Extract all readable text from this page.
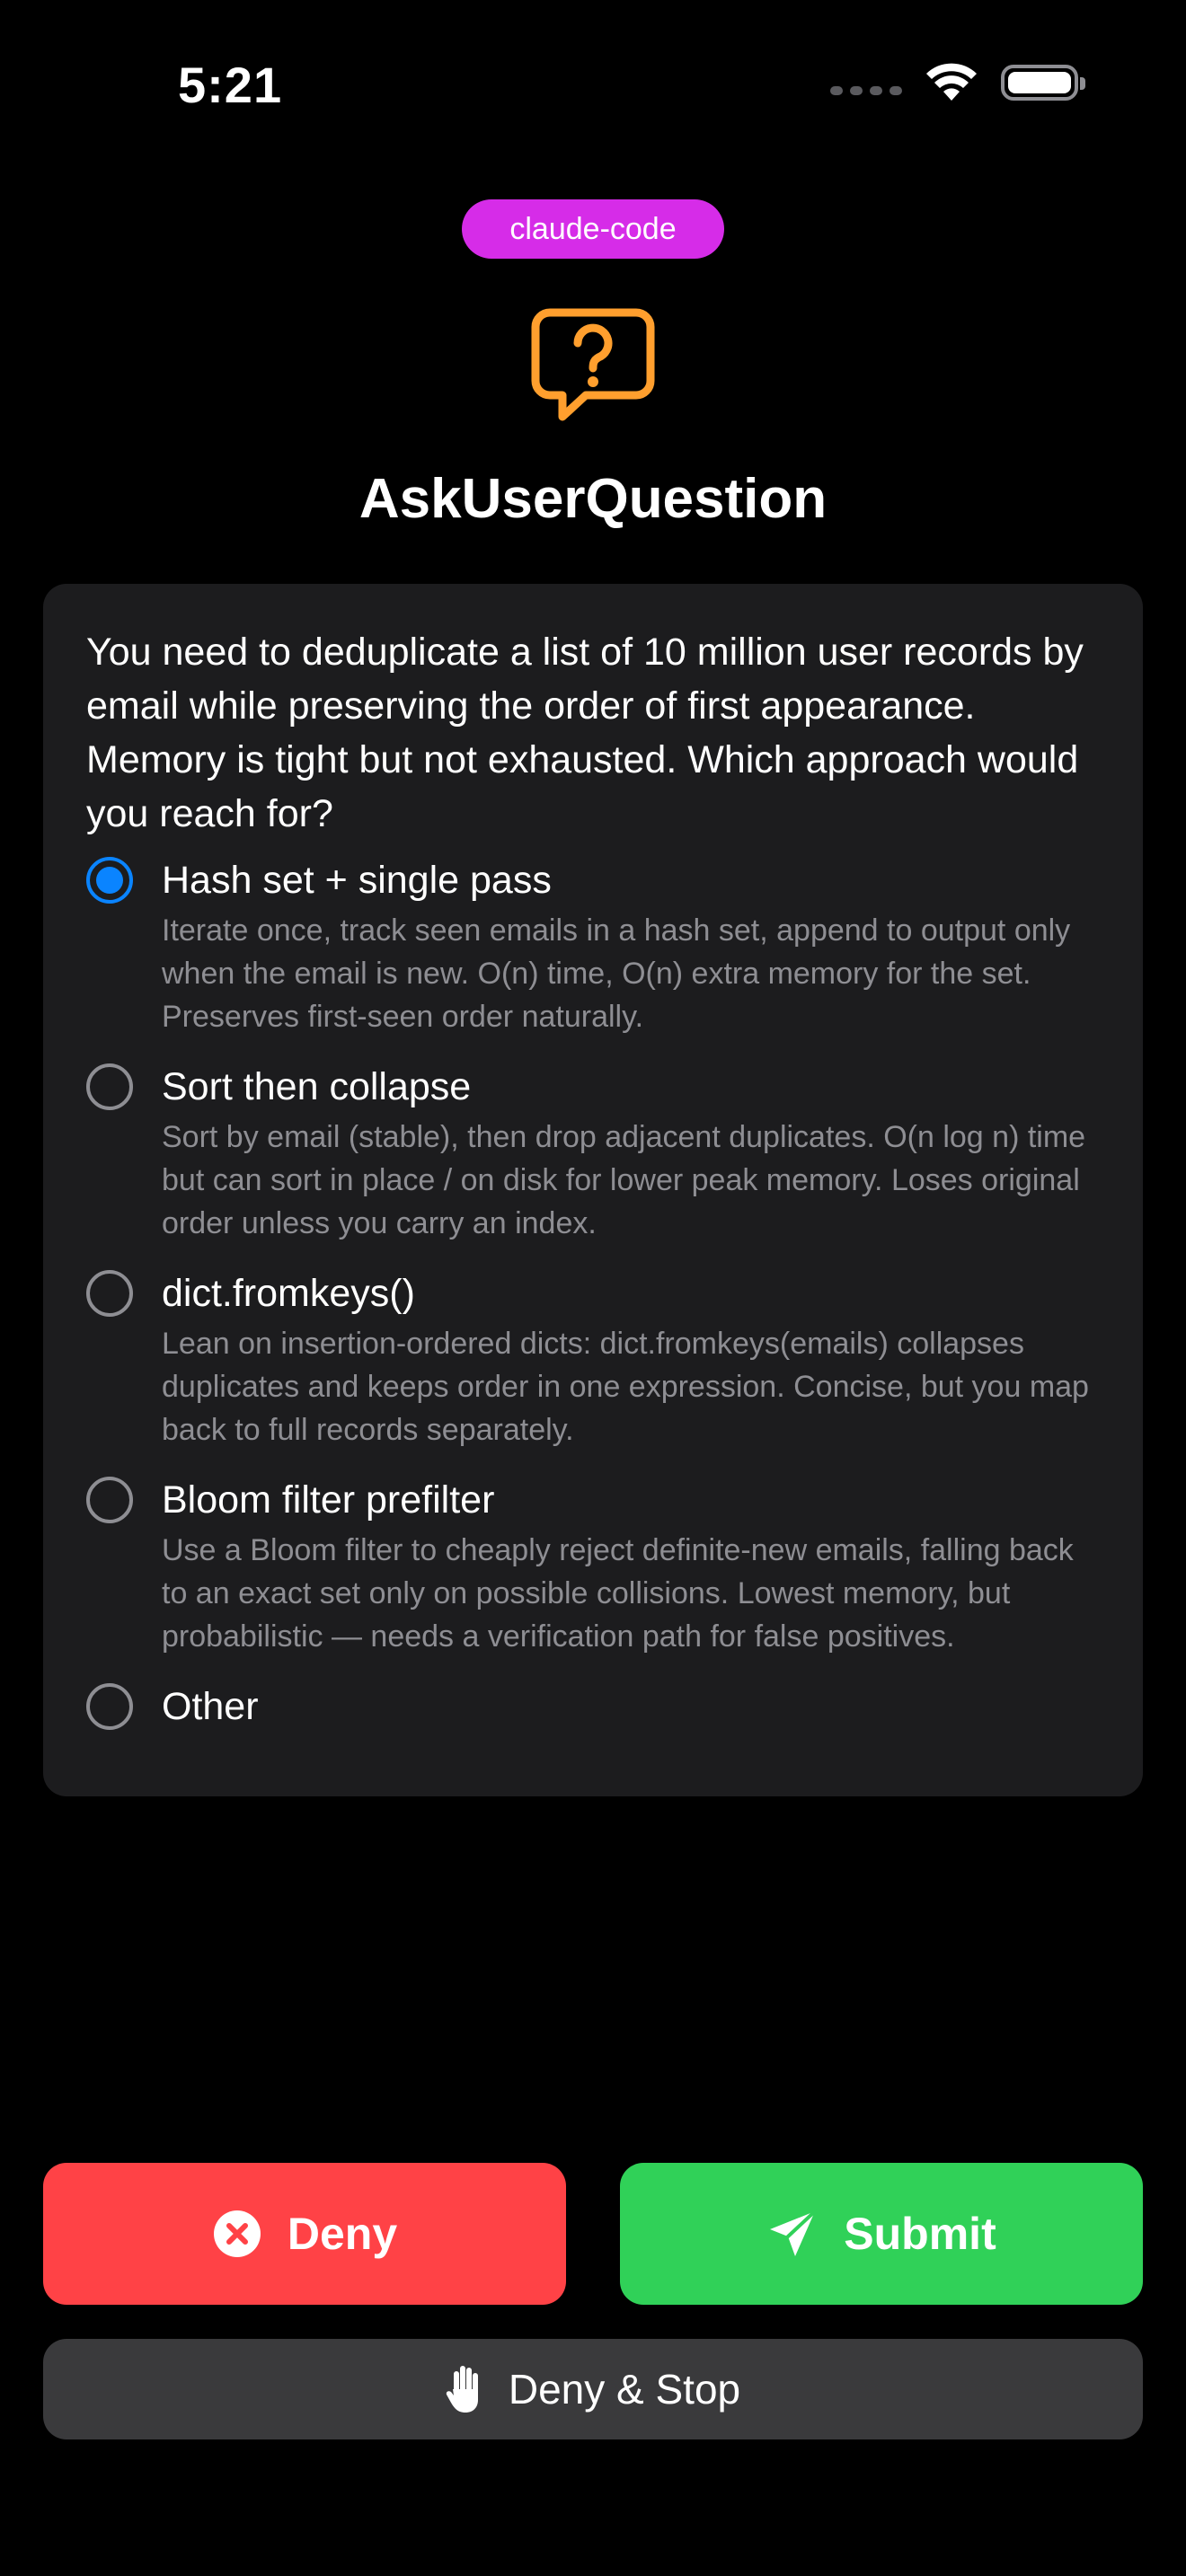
5:21
claude-code
AskUserQuestion

You need to deduplicate a list of 10 million user records by email while preserving the order of first appearance. Memory is tight but not exhausted. Which approach would you reach for?

Hash set + single pass
Iterate once, track seen emails in a hash set, append to output only when the email is new. O(n) time, O(n) extra memory for the set. Preserves first-seen order naturally.
Sort then collapse
Sort by email (stable), then drop adjacent duplicates. O(n log n) time but can sort in place / on disk for lower peak memory. Loses original order unless you carry an index.
dict.fromkeys()
Lean on insertion-ordered dicts: dict.fromkeys(emails) collapses duplicates and keeps order in one expression. Concise, but you map back to full records separately.
Bloom filter prefilter
Use a Bloom filter to cheaply reject definite-new emails, falling back to an exact set only on possible collisions. Lowest memory, but probabilistic — needs a verification path for false positives.
Other
Deny	Submit
Deny & Stop
